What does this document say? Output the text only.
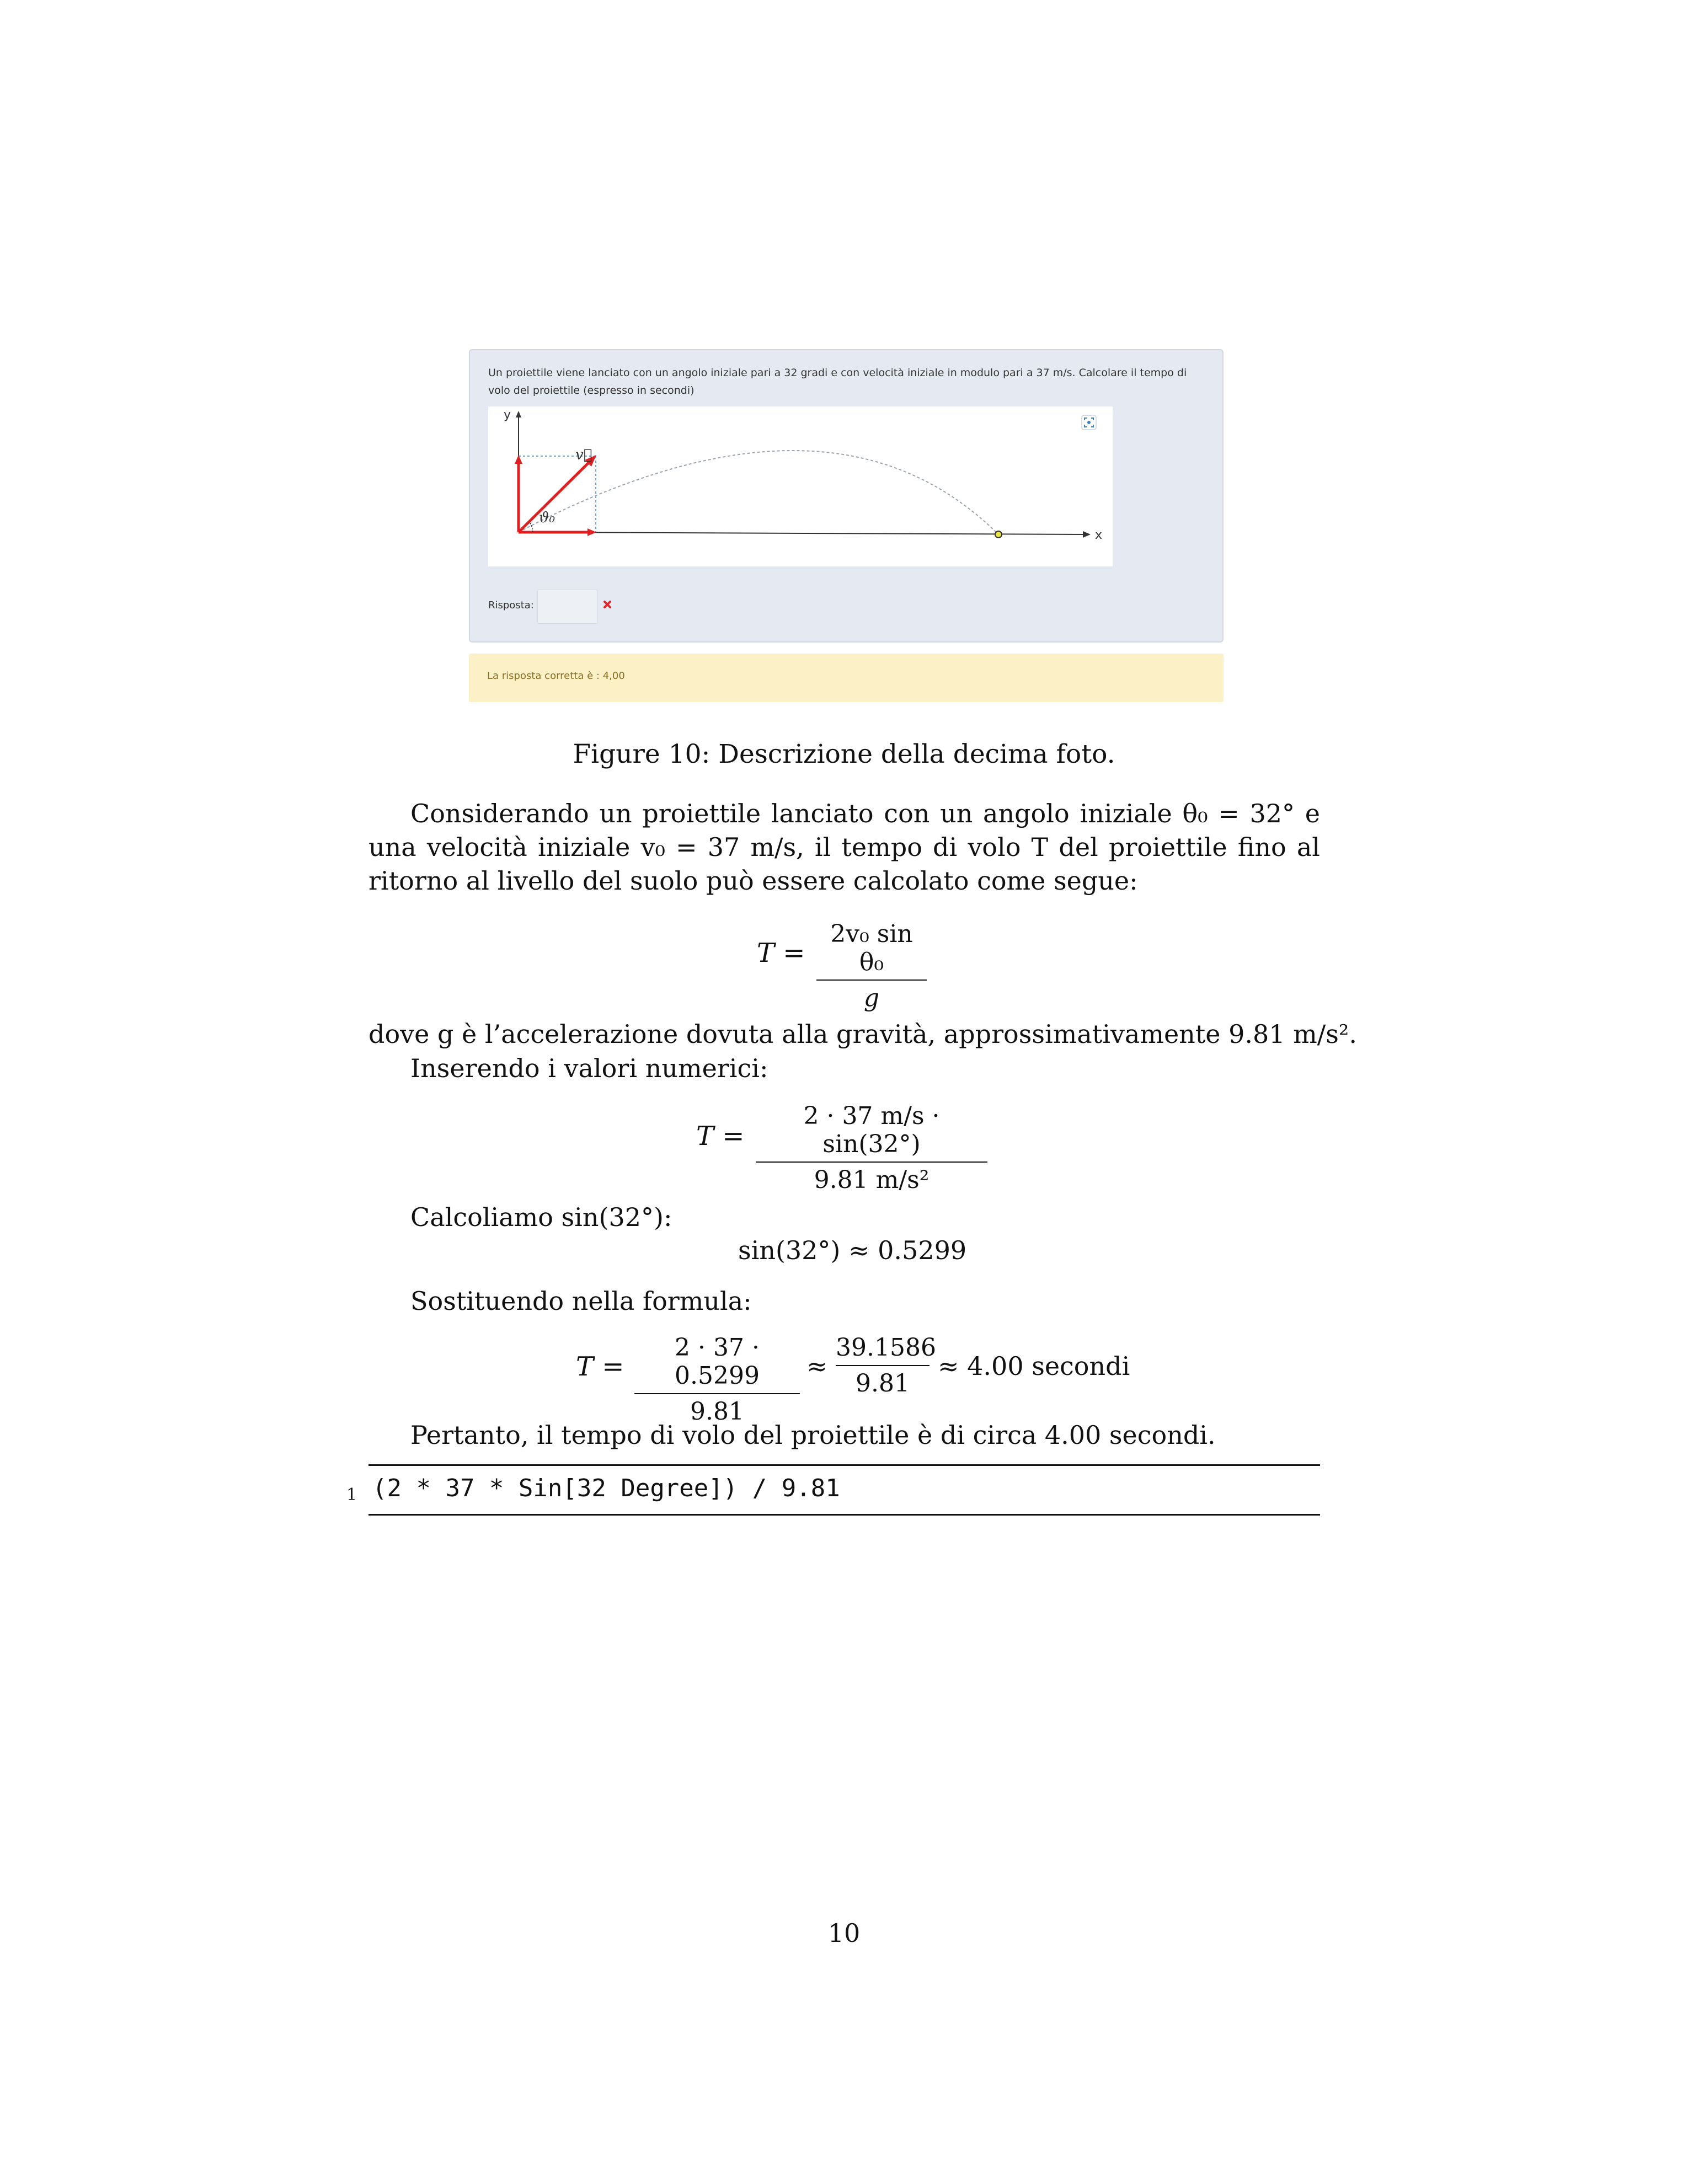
Un proiettile viene lanciato con un angolo iniziale pari a 32 gradi e con velocità iniziale in modulo pari a 37 m/s. Calcolare il tempo di volo del proiettile (espresso in secondi)
y
x
v⃗
ϑ₀
Risposta:
La risposta corretta è : 4,00
Figure 10: Descrizione della decima foto.
Considerando un proiettile lanciato con un angolo iniziale θ₀ = 32° e una velocità iniziale v₀ = 37 m/s, il tempo di volo T del proiettile fino al ritorno al livello del suolo può essere calcolato come segue:
$T = \frac{\text{2v₀ sin θ₀}}{g}$
dove g è l’accelerazione dovuta alla gravità, approssimativamente 9.81 m/s².
Inserendo i valori numerici:
$T = \frac{2 \cdot 37 m/s \cdot \sin(32^\circ)}{\text{9.81 m/s²}}$
Calcoliamo sin(32°):
sin(32°) ≈ 0.5299
Sostituendo nella formula:
$T = \frac{2 \cdot 37 \cdot 0.5299}{9.81} \approx \frac{39.1586}{9.81} \approx 4.00$ secondi
Pertanto, il tempo di volo del proiettile è di circa 4.00 secondi.
1 (2 * 37 * Sin[32 Degree]) / 9.81
10
